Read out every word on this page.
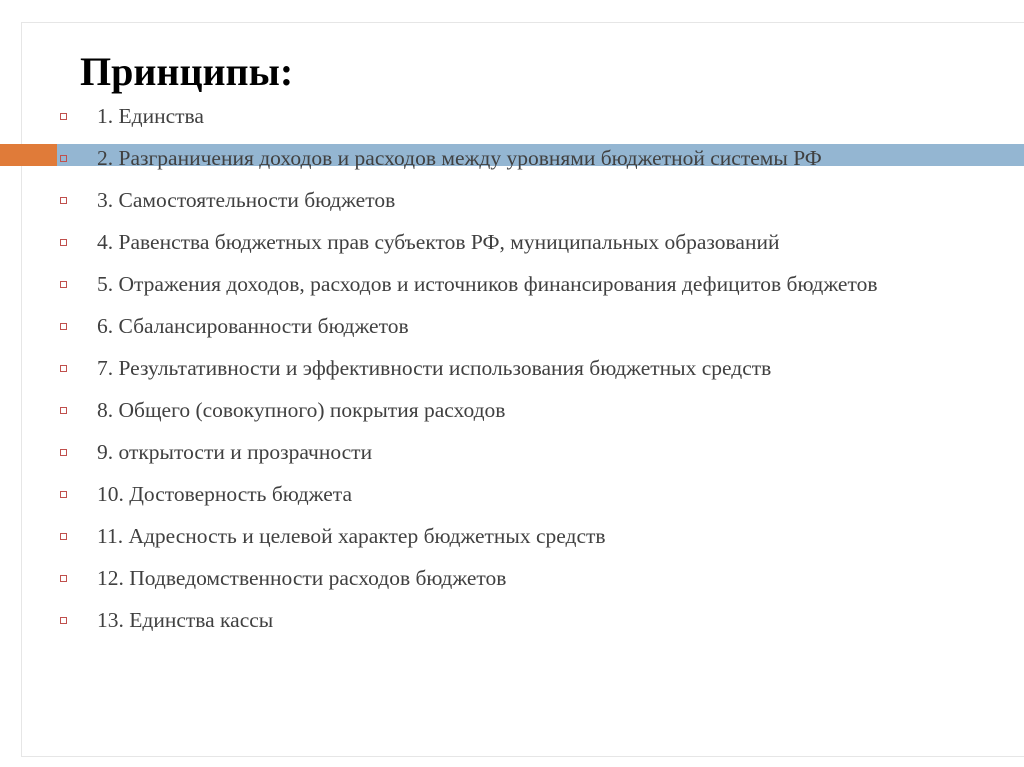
Принципы:
1. Единства
2. Разграничения доходов и расходов между уровнями бюджетной системы РФ
3. Самостоятельности бюджетов
4. Равенства бюджетных прав субъектов РФ, муниципальных образований
5. Отражения доходов, расходов и источников финансирования дефицитов бюджетов
6. Сбалансированности бюджетов
7. Результативности и эффективности использования бюджетных средств
8. Общего (совокупного) покрытия расходов
9. открытости и прозрачности
10. Достоверность бюджета
11. Адресность и целевой характер бюджетных средств
12. Подведомственности расходов бюджетов
13. Единства кассы
